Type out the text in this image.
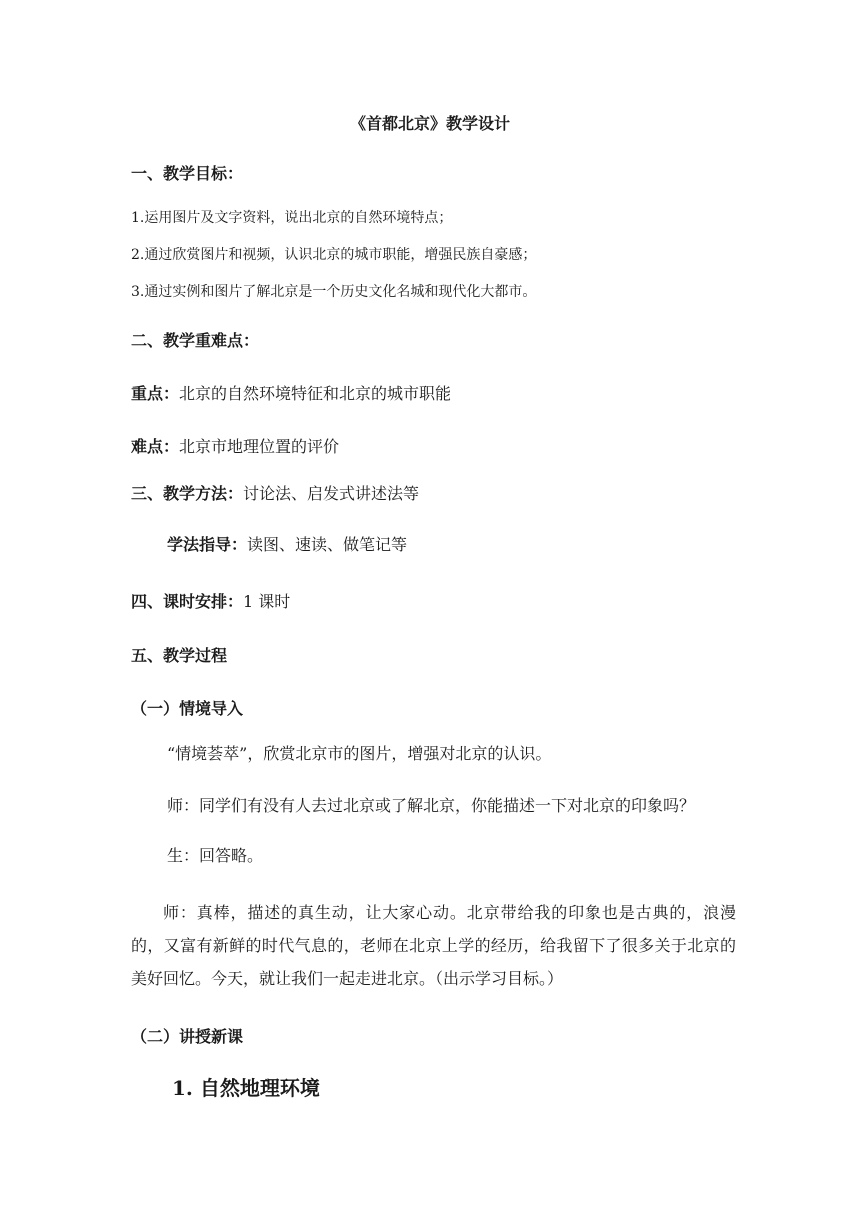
《首都北京》教学设计
一、教学目标：
1.运用图片及文字资料，说出北京的自然环境特点；
2.通过欣赏图片和视频，认识北京的城市职能，增强民族自豪感；
3.通过实例和图片了解北京是一个历史文化名城和现代化大都市。
二、教学重难点：
重点：北京的自然环境特征和北京的城市职能
难点：北京市地理位置的评价
三、教学方法：讨论法、启发式讲述法等
学法指导：读图、速读、做笔记等
四、课时安排：1 课时
五、教学过程
（一）情境导入
“情境荟萃”，欣赏北京市的图片，增强对北京的认识。
师：同学们有没有人去过北京或了解北京，你能描述一下对北京的印象吗？
生：回答略。
师：真棒，描述的真生动，让大家心动。北京带给我的印象也是古典的，浪漫的，又富有新鲜的时代气息的，老师在北京上学的经历，给我留下了很多关于北京的美好回忆。今天，就让我们一起走进北京。（出示学习目标。）
（二）讲授新课
1. 自然地理环境
